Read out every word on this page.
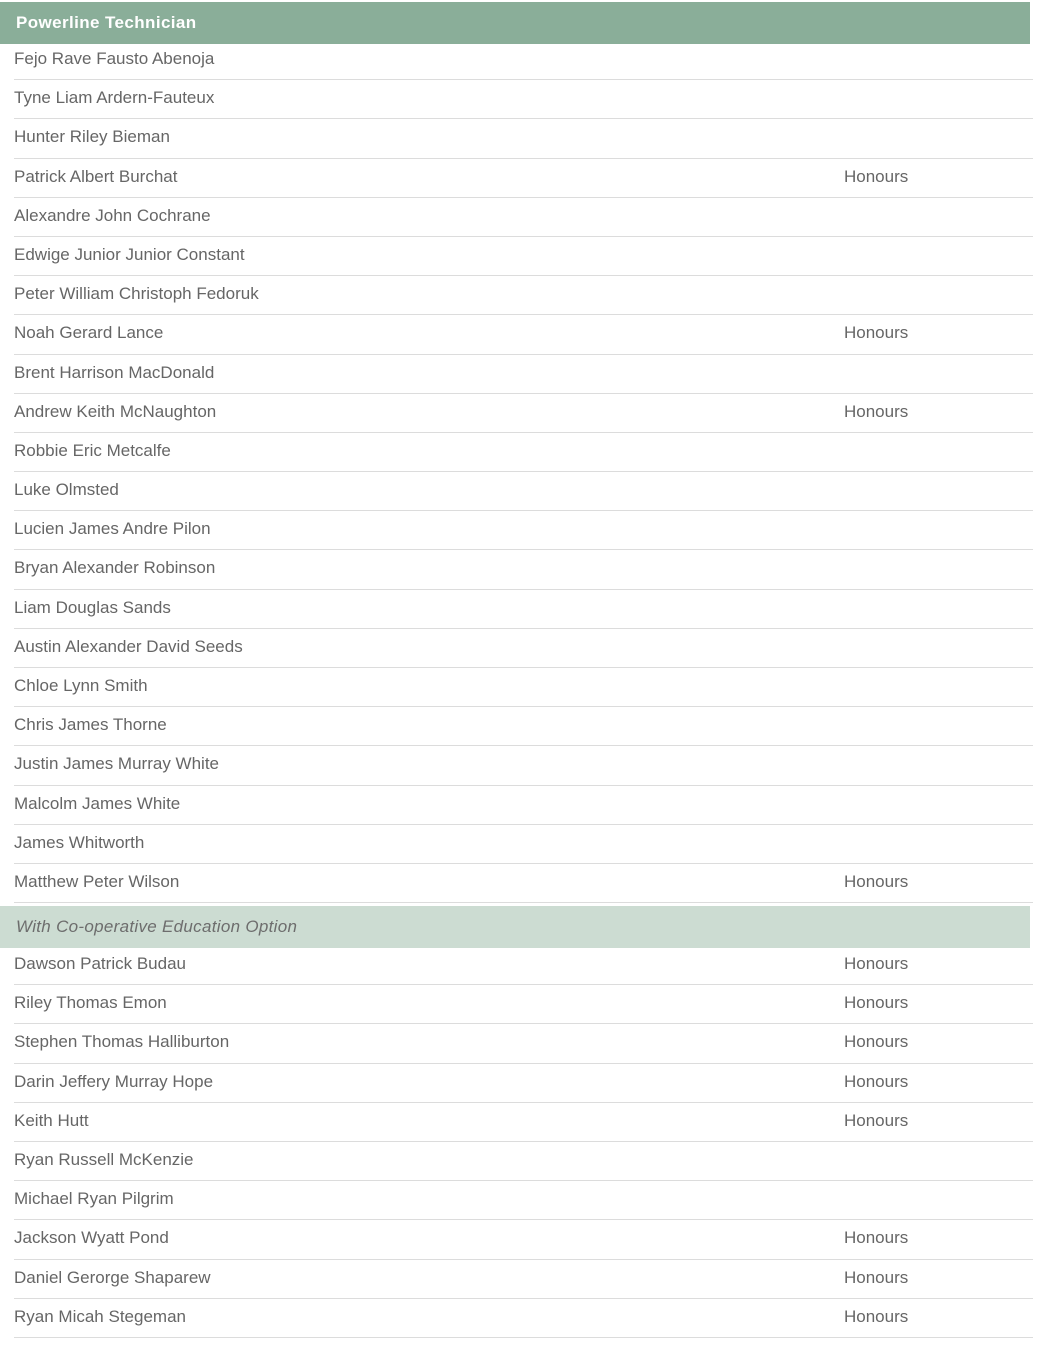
Powerline Technician
Fejo Rave Fausto Abenoja
Tyne Liam Ardern-Fauteux
Hunter Riley Bieman
Patrick Albert Burchat	Honours
Alexandre John Cochrane
Edwige Junior Junior Constant
Peter William Christoph Fedoruk
Noah Gerard Lance	Honours
Brent Harrison MacDonald
Andrew Keith McNaughton	Honours
Robbie Eric Metcalfe
Luke Olmsted
Lucien James Andre Pilon
Bryan Alexander Robinson
Liam Douglas Sands
Austin Alexander David Seeds
Chloe Lynn Smith
Chris James Thorne
Justin James Murray White
Malcolm James White
James Whitworth
Matthew Peter Wilson	Honours
With Co-operative Education Option
Dawson Patrick Budau	Honours
Riley Thomas Emon	Honours
Stephen Thomas Halliburton	Honours
Darin Jeffery Murray Hope	Honours
Keith Hutt	Honours
Ryan Russell McKenzie
Michael Ryan Pilgrim
Jackson Wyatt Pond	Honours
Daniel Gerorge Shaparew	Honours
Ryan Micah Stegeman	Honours
